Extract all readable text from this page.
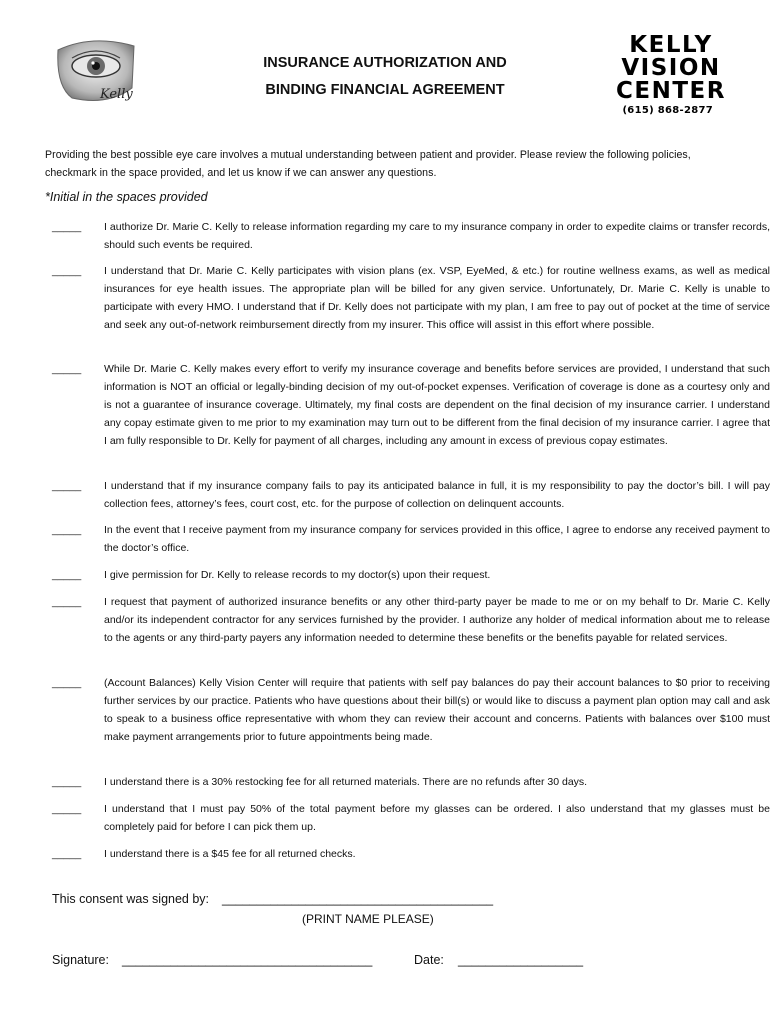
Kelly
INSURANCE AUTHORIZATION AND
BINDING FINANCIAL AGREEMENT
KELLY
VISION
CENTER
(615) 868-2877
Providing the best possible eye care involves a mutual understanding between patient and provider. Please review the following policies, checkmark in the space provided, and let us know if we can answer any questions.
*Initial in the spaces provided
_____ I authorize Dr. Marie C. Kelly to release information regarding my care to my insurance company in order to expedite claims or transfer records, should such events be required.
_____ I understand that Dr. Marie C. Kelly participates with vision plans (ex. VSP, EyeMed, & etc.) for routine wellness exams, as well as medical insurances for eye health issues. The appropriate plan will be billed for any given service. Unfortunately, Dr. Marie C. Kelly is unable to participate with every HMO. I understand that if Dr. Kelly does not participate with my plan, I am free to pay out of pocket at the time of service and seek any out-of-network reimbursement directly from my insurer. This office will assist in this effort where possible.
_____ While Dr. Marie C. Kelly makes every effort to verify my insurance coverage and benefits before services are provided, I understand that such information is NOT an official or legally-binding decision of my out-of-pocket expenses. Verification of coverage is done as a courtesy only and is not a guarantee of insurance coverage. Ultimately, my final costs are dependent on the final decision of my insurance carrier. I understand any copay estimate given to me prior to my examination may turn out to be different from the final decision of my insurance carrier. I agree that I am fully responsible to Dr. Kelly for payment of all charges, including any amount in excess of previous copay estimates.
_____ I understand that if my insurance company fails to pay its anticipated balance in full, it is my responsibility to pay the doctor’s bill. I will pay collection fees, attorney’s fees, court cost, etc. for the purpose of collection on delinquent accounts.
_____ In the event that I receive payment from my insurance company for services provided in this office, I agree to endorse any received payment to the doctor’s office.
_____ I give permission for Dr. Kelly to release records to my doctor(s) upon their request.
_____ I request that payment of authorized insurance benefits or any other third-party payer be made to me or on my behalf to Dr. Marie C. Kelly and/or its independent contractor for any services furnished by the provider. I authorize any holder of medical information about me to release to the agents or any third-party payers any information needed to determine these benefits or the benefits payable for related services.
_____ (Account Balances) Kelly Vision Center will require that patients with self pay balances do pay their account balances to $0 prior to receiving further services by our practice. Patients who have questions about their bill(s) or would like to discuss a payment plan option may call and ask to speak to a business office representative with whom they can review their account and concerns. Patients with balances over $100 must make payment arrangements prior to future appointments being made.
_____ I understand there is a 30% restocking fee for all returned materials. There are no refunds after 30 days.
_____ I understand that I must pay 50% of the total payment before my glasses can be ordered. I also understand that my glasses must be completely paid for before I can pick them up.
_____ I understand there is a $45 fee for all returned checks.
This consent was signed by: _______________________________________
(PRINT NAME PLEASE)
Signature: ____________________________________	Date: __________________
